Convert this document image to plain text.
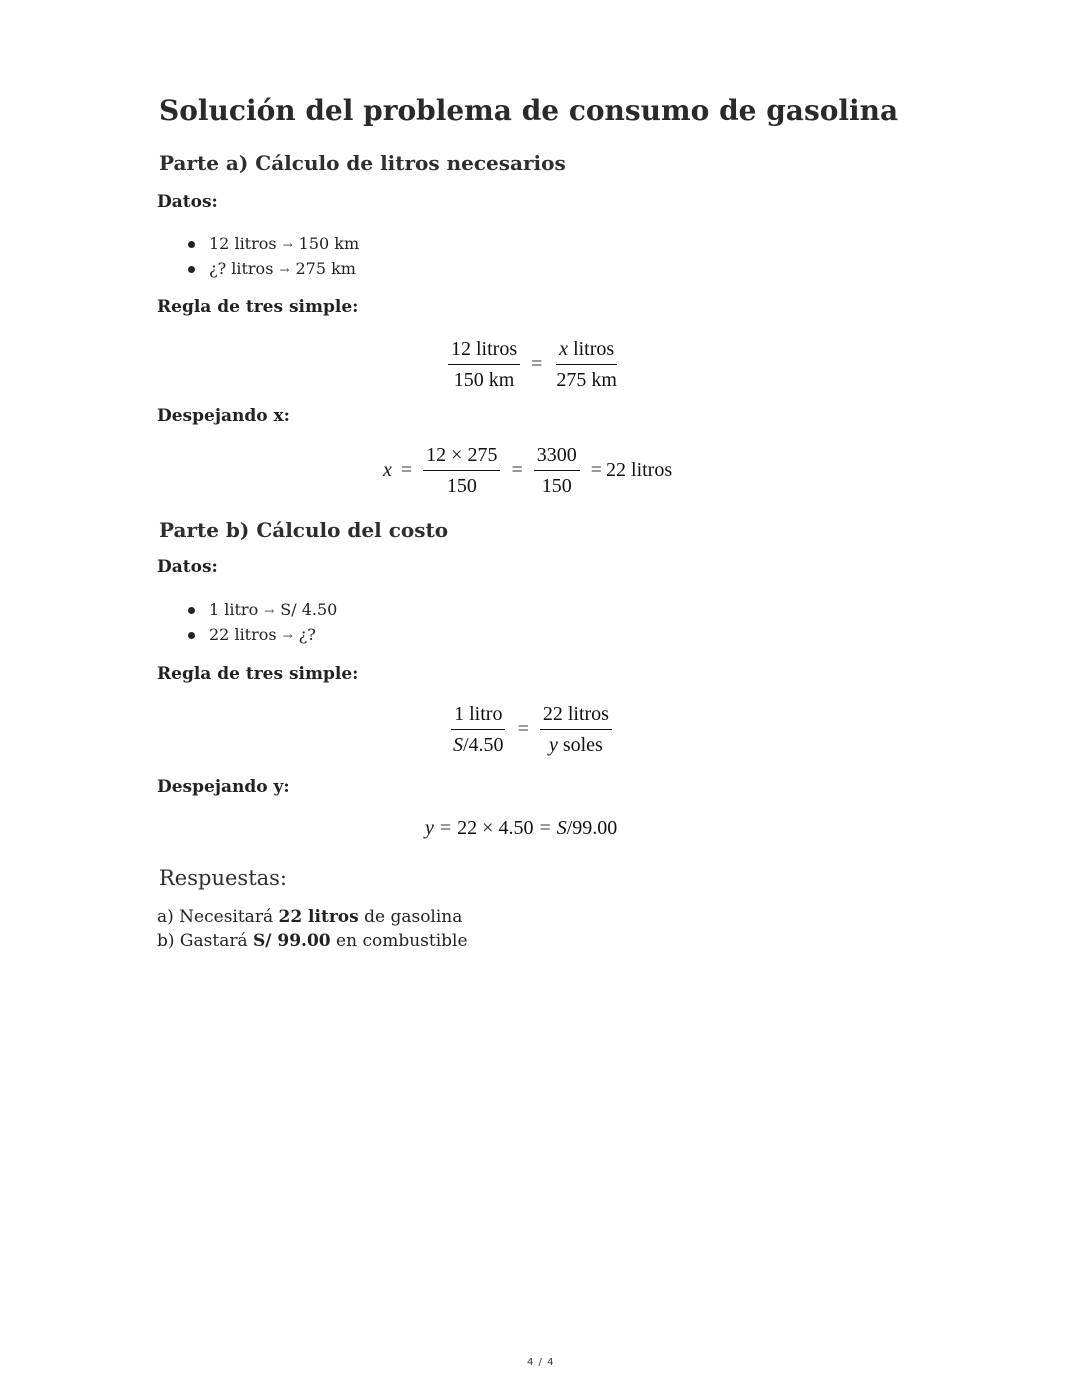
Solución del problema de consumo de gasolina
Parte a) Cálculo de litros necesarios
Datos:
12 litros → 150 km
¿? litros → 275 km
Regla de tres simple:
$\frac{\text{12 litros}}{150 km} = \frac{\text{x litros}}{275 km}$
Despejando x:
$x = \frac{12 \times 275}{150} = \frac{3300}{150} = 22$ litros
Parte b) Cálculo del costo
Datos:
1 litro → S/ 4.50
22 litros → ¿?
Regla de tres simple:
$\frac{\text{1 litro}}{S/4.50} = \frac{\text{22 litros}}{\text{y soles}}$
Despejando y:
y = 22 × 4.50 = S/99.00
Respuestas:
a) Necesitará 22 litros de gasolina
b) Gastará S/ 99.00 en combustible
4 / 4
